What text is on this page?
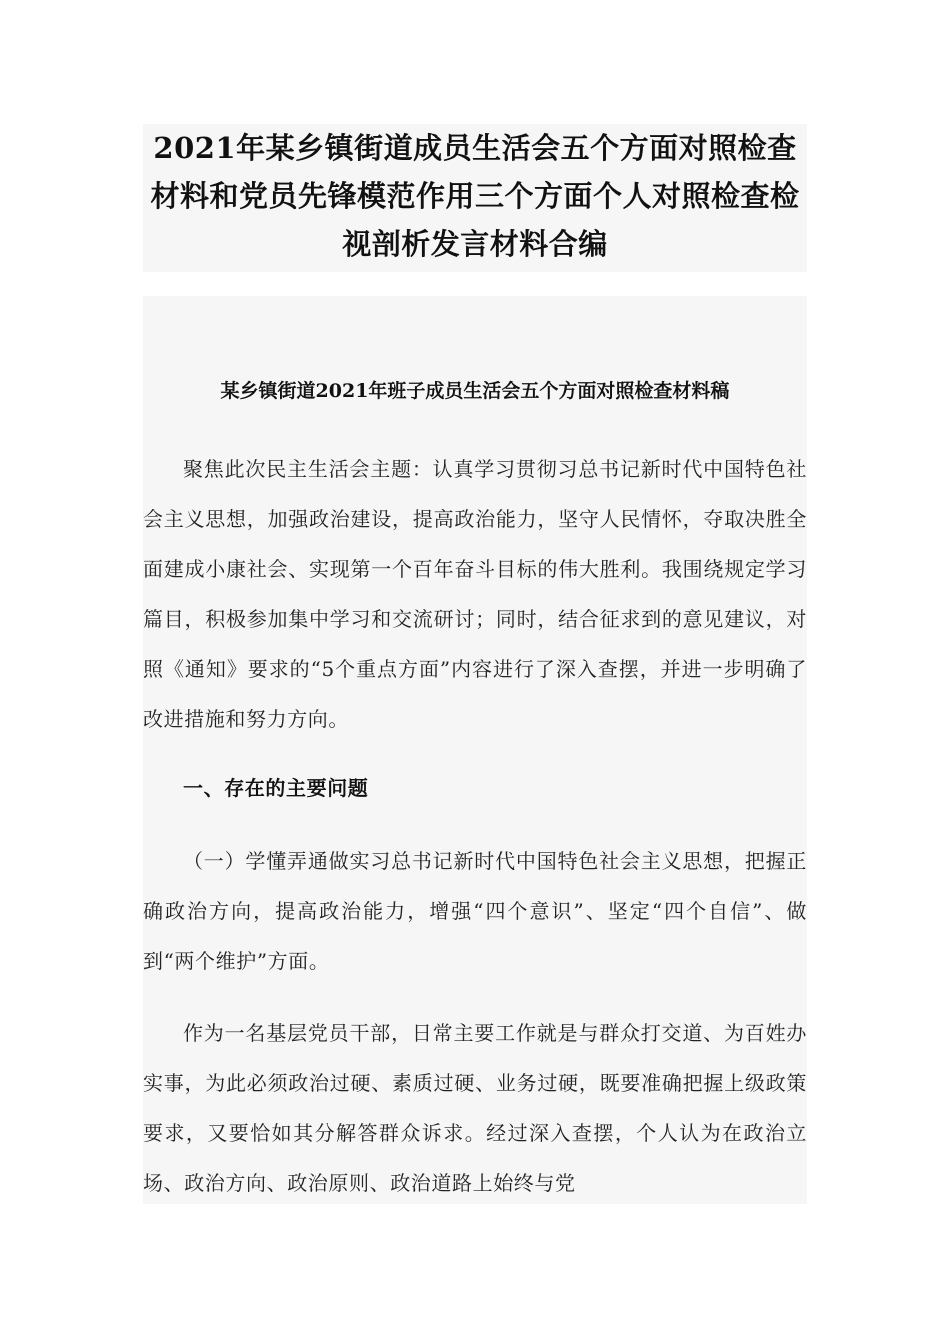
2021年某乡镇街道成员生活会五个方面对照检查材料和党员先锋模范作用三个方面个人对照检查检视剖析发言材料合编
某乡镇街道2021年班子成员生活会五个方面对照检查材料稿

聚焦此次民主生活会主题：认真学习贯彻习总书记新时代中国特色社会主义思想，加强政治建设，提高政治能力，坚守人民情怀，夺取决胜全面建成小康社会、实现第一个百年奋斗目标的伟大胜利。我围绕规定学习篇目，积极参加集中学习和交流研讨；同时，结合征求到的意见建议，对照《通知》要求的“5个重点方面”内容进行了深入查摆，并进一步明确了改进措施和努力方向。

一、存在的主要问题

（一）学懂弄通做实习总书记新时代中国特色社会主义思想，把握正确政治方向，提高政治能力，增强“四个意识”、坚定“四个自信”、做到“两个维护”方面。

作为一名基层党员干部，日常主要工作就是与群众打交道、为百姓办实事，为此必须政治过硬、素质过硬、业务过硬，既要准确把握上级政策要求，又要恰如其分解答群众诉求。经过深入查摆，个人认为在政治立场、政治方向、政治原则、政治道路上始终与党
